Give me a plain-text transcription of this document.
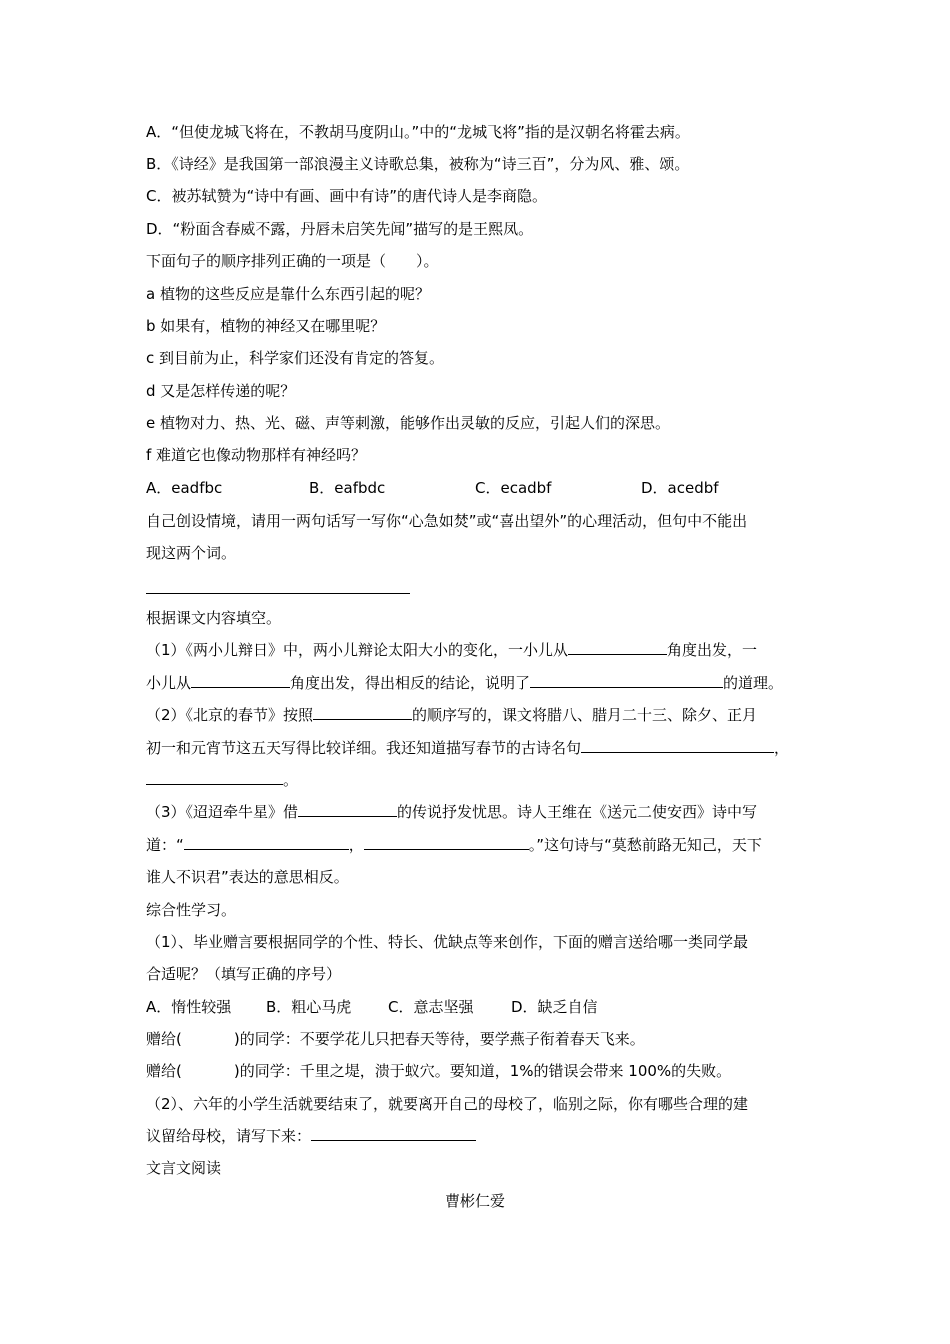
A．“但使龙城飞将在，不教胡马度阴山。”中的“龙城飞将”指的是汉朝名将霍去病。
B．《诗经》是我国第一部浪漫主义诗歌总集，被称为“诗三百”，分为风、雅、颂。
C．被苏轼赞为“诗中有画、画中有诗”的唐代诗人是李商隐。
D．“粉面含春威不露，丹唇未启笑先闻”描写的是王熙凤。
下面句子的顺序排列正确的一项是（　　）。
a 植物的这些反应是靠什么东西引起的呢？
b 如果有，植物的神经又在哪里呢？
c 到目前为止，科学家们还没有肯定的答复。
d 又是怎样传递的呢？
e 植物对力、热、光、磁、声等刺激，能够作出灵敏的反应，引起人们的深思。
f 难道它也像动物那样有神经吗？
A．eadfbc	B．eafbdc	C．ecadbf	D．acedbf
自己创设情境，请用一两句话写一写你“心急如焚”或“喜出望外”的心理活动，但句中不能出
现这两个词。
根据课文内容填空。
（1）《两小儿辩日》中，两小儿辩论太阳大小的变化，一小儿从	角度出发，一
小儿从	角度出发，得出相反的结论，说明了	的道理。
（2）《北京的春节》按照	的顺序写的，课文将腊八、腊月二十三、除夕、正月
初一和元宵节这五天写得比较详细。我还知道描写春节的古诗名句	，
。
（3）《迢迢牵牛星》借	的传说抒发忧思。诗人王维在《送元二使安西》诗中写
道：“	，	。”这句诗与“莫愁前路无知己，天下
谁人不识君”表达的意思相反。
综合性学习。
（1）、毕业赠言要根据同学的个性、特长、优缺点等来创作，下面的赠言送给哪一类同学最
合适呢？（填写正确的序号）
A．惰性较强 B．粗心马虎 C．意志坚强	D．缺乏自信
赠给(	)的同学：不要学花儿只把春天等待，要学燕子衔着春天飞来。
赠给(	)的同学：千里之堤，溃于蚁穴。要知道，1%的错误会带来 100%的失败。
（2）、六年的小学生活就要结束了，就要离开自己的母校了，临别之际，你有哪些合理的建
议留给母校，请写下来：
文言文阅读
曹彬仁爱
